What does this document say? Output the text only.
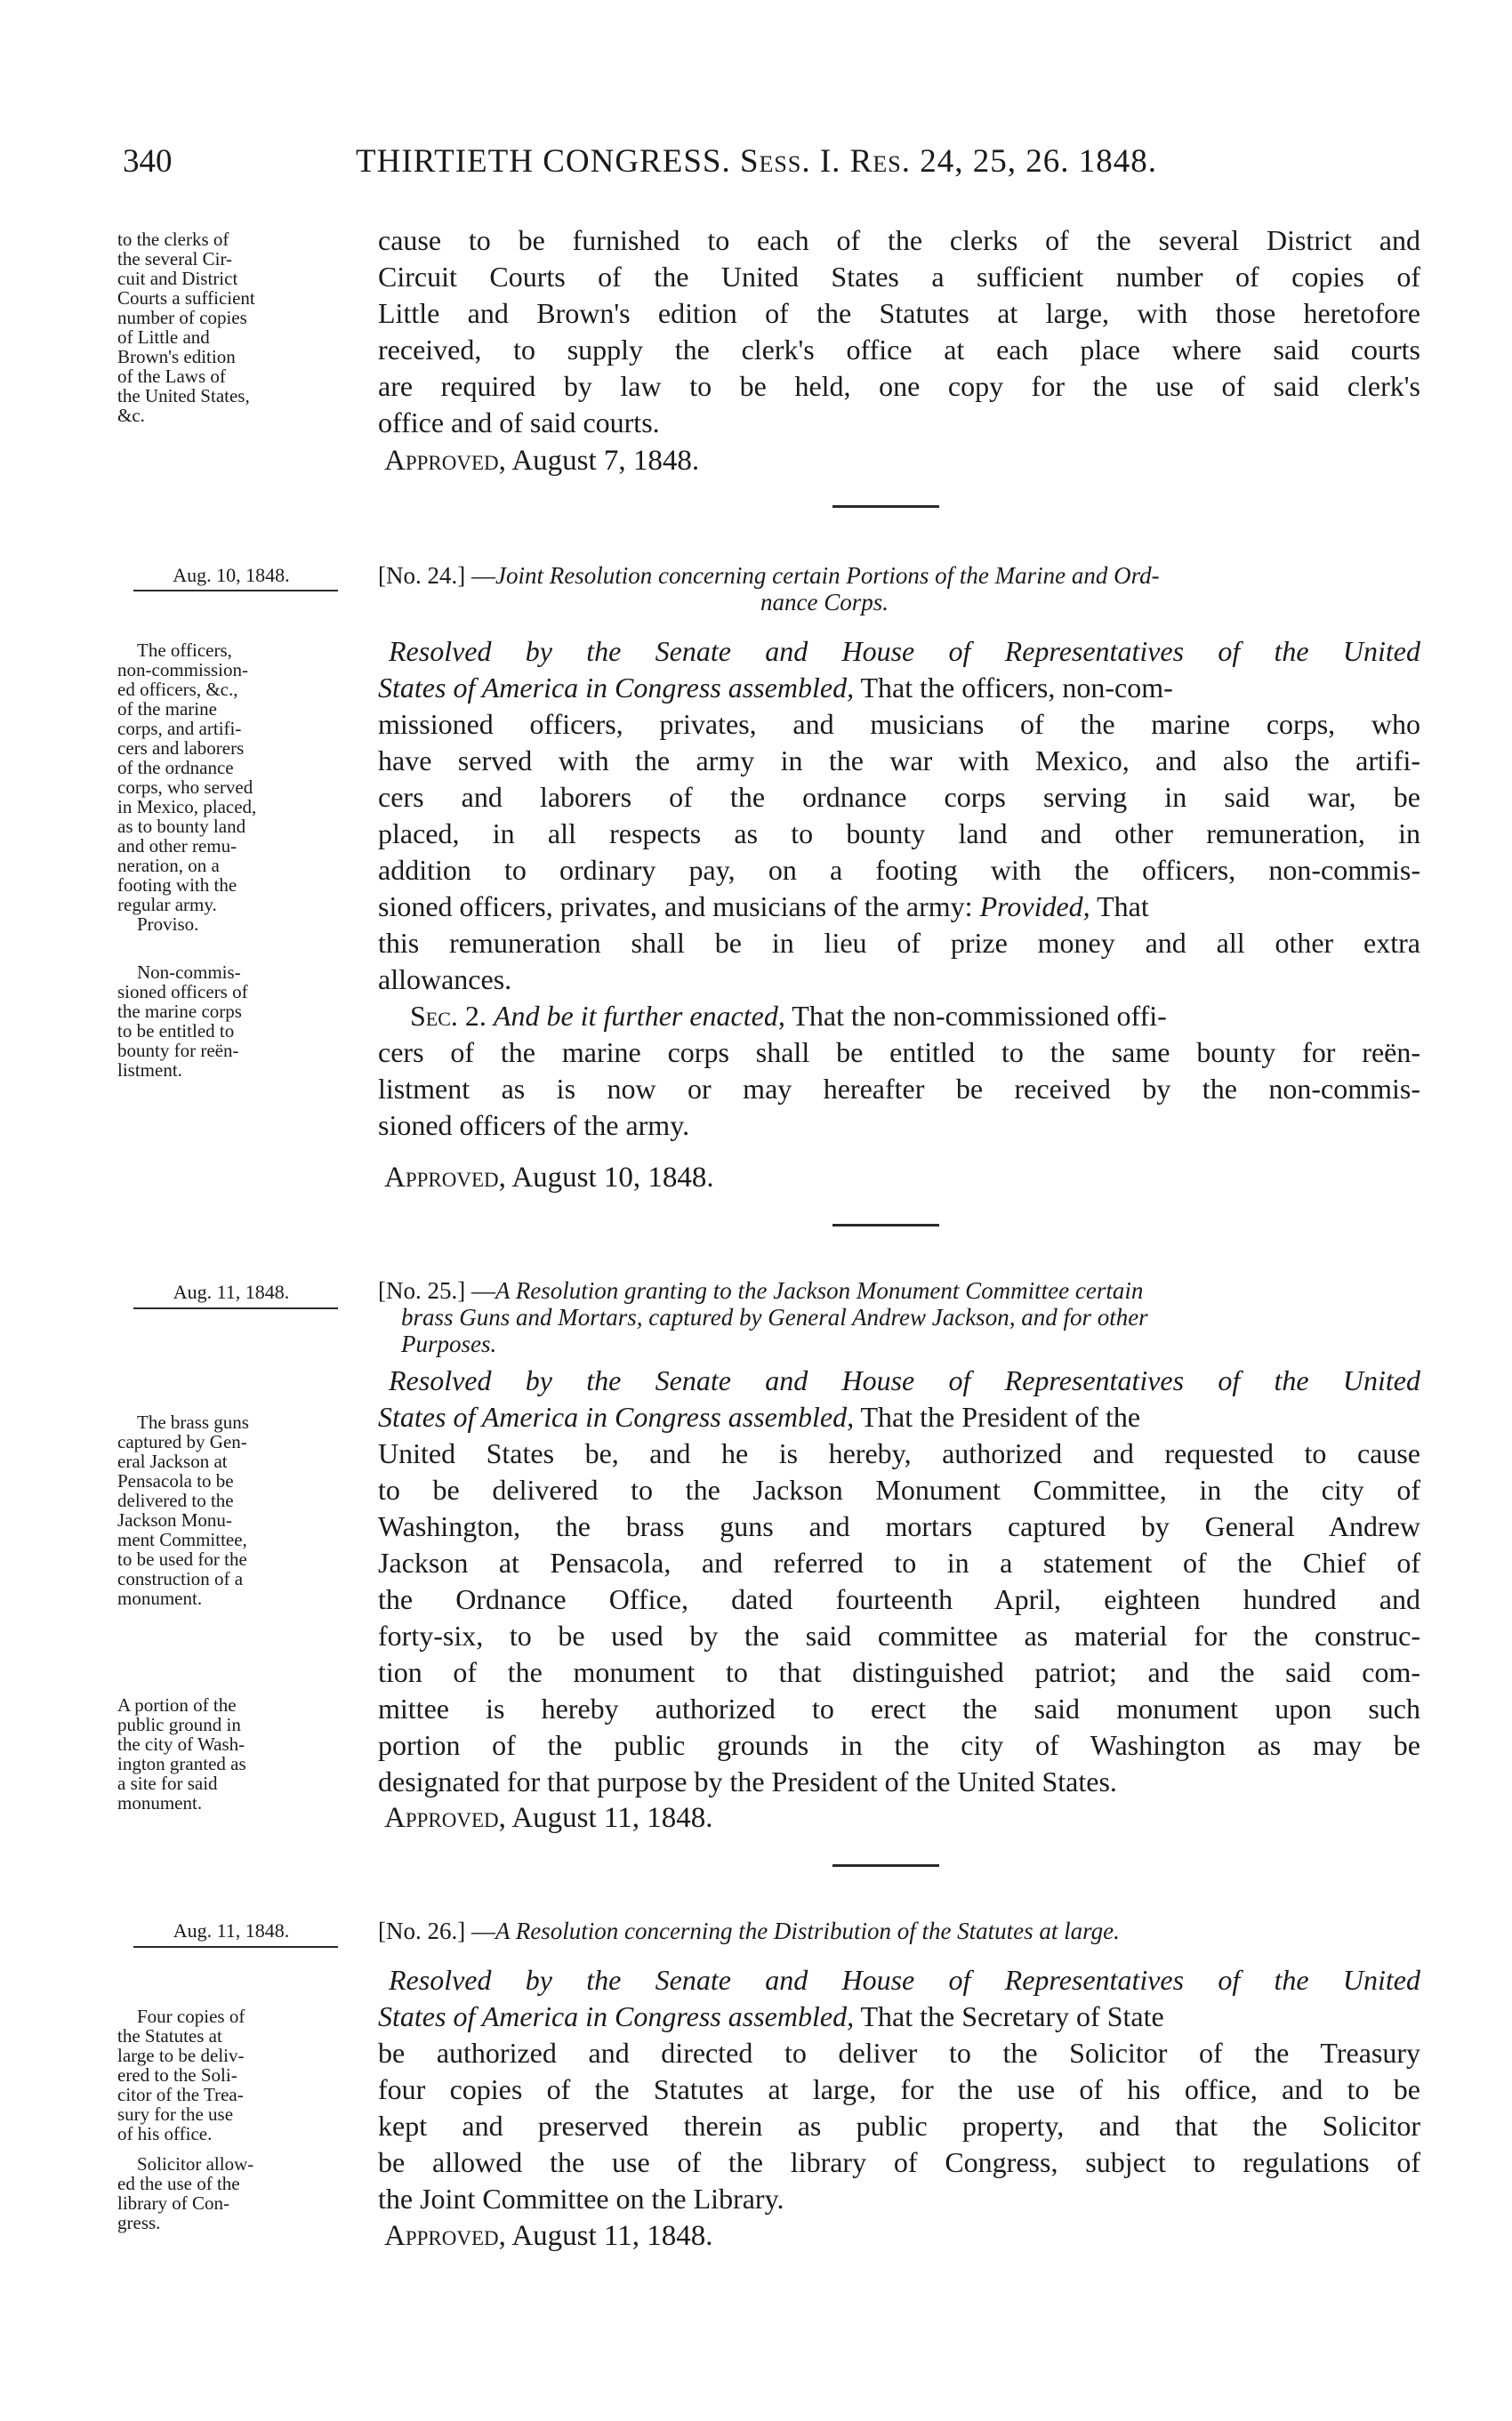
340	THIRTIETH CONGRESS. Sess. I. Res. 24, 25, 26. 1848.
to the clerks of
the several Cir-
cuit and District
Courts a sufficient
number of copies
of Little and
Brown's edition
of the Laws of
the United States,
&c.
cause to be furnished to each of the clerks of the several District and
Circuit Courts of the United States a sufficient number of copies of
Little and Brown's edition of the Statutes at large, with those heretofore
received, to supply the clerk's office at each place where said courts
are required by law to be held, one copy for the use of said clerk's
office and of said courts.
Approved, August 7, 1848.
Aug. 10, 1848.	[No. 24.] —Joint Resolution concerning certain Portions of the Marine and Ord-
nance Corps.
The officers,
non-commission-
ed officers, &c.,
of the marine
corps, and artifi-
cers and laborers
of the ordnance
corps, who served
in Mexico, placed,
as to bounty land
and other remu-
neration, on a
footing with the
regular army.
Proviso.
Non-commis-
sioned officers of
the marine corps
to be entitled to
bounty for reën-
listment.
Resolved by the Senate and House of Representatives of the United
States of America in Congress assembled, That the officers, non-com-
missioned officers, privates, and musicians of the marine corps, who
have served with the army in the war with Mexico, and also the artifi-
cers and laborers of the ordnance corps serving in said war, be
placed, in all respects as to bounty land and other remuneration, in
addition to ordinary pay, on a footing with the officers, non-commis-
sioned officers, privates, and musicians of the army: Provided, That
this remuneration shall be in lieu of prize money and all other extra
allowances.
Sec. 2. And be it further enacted, That the non-commissioned offi-
cers of the marine corps shall be entitled to the same bounty for reën-
listment as is now or may hereafter be received by the non-commis-
sioned officers of the army.
Approved, August 10, 1848.
Aug. 11, 1848.	[No. 25.] —A Resolution granting to the Jackson Monument Committee certain
brass Guns and Mortars, captured by General Andrew Jackson, and for other
Purposes.
The brass guns
captured by Gen-
eral Jackson at
Pensacola to be
delivered to the
Jackson Monu-
ment Committee,
to be used for the
construction of a
monument.
A portion of the
public ground in
the city of Wash-
ington granted as
a site for said
monument.
Resolved by the Senate and House of Representatives of the United
States of America in Congress assembled, That the President of the
United States be, and he is hereby, authorized and requested to cause
to be delivered to the Jackson Monument Committee, in the city of
Washington, the brass guns and mortars captured by General Andrew
Jackson at Pensacola, and referred to in a statement of the Chief of
the Ordnance Office, dated fourteenth April, eighteen hundred and
forty-six, to be used by the said committee as material for the construc-
tion of the monument to that distinguished patriot; and the said com-
mittee is hereby authorized to erect the said monument upon such
portion of the public grounds in the city of Washington as may be
designated for that purpose by the President of the United States.
Approved, August 11, 1848.
Aug. 11, 1848.	[No. 26.] —A Resolution concerning the Distribution of the Statutes at large.
Four copies of
the Statutes at
large to be deliv-
ered to the Soli-
citor of the Trea-
sury for the use
of his office.
Solicitor allow-
ed the use of the
library of Con-
gress.
Resolved by the Senate and House of Representatives of the United
States of America in Congress assembled, That the Secretary of State
be authorized and directed to deliver to the Solicitor of the Treasury
four copies of the Statutes at large, for the use of his office, and to be
kept and preserved therein as public property, and that the Solicitor
be allowed the use of the library of Congress, subject to regulations of
the Joint Committee on the Library.
Approved, August 11, 1848.
